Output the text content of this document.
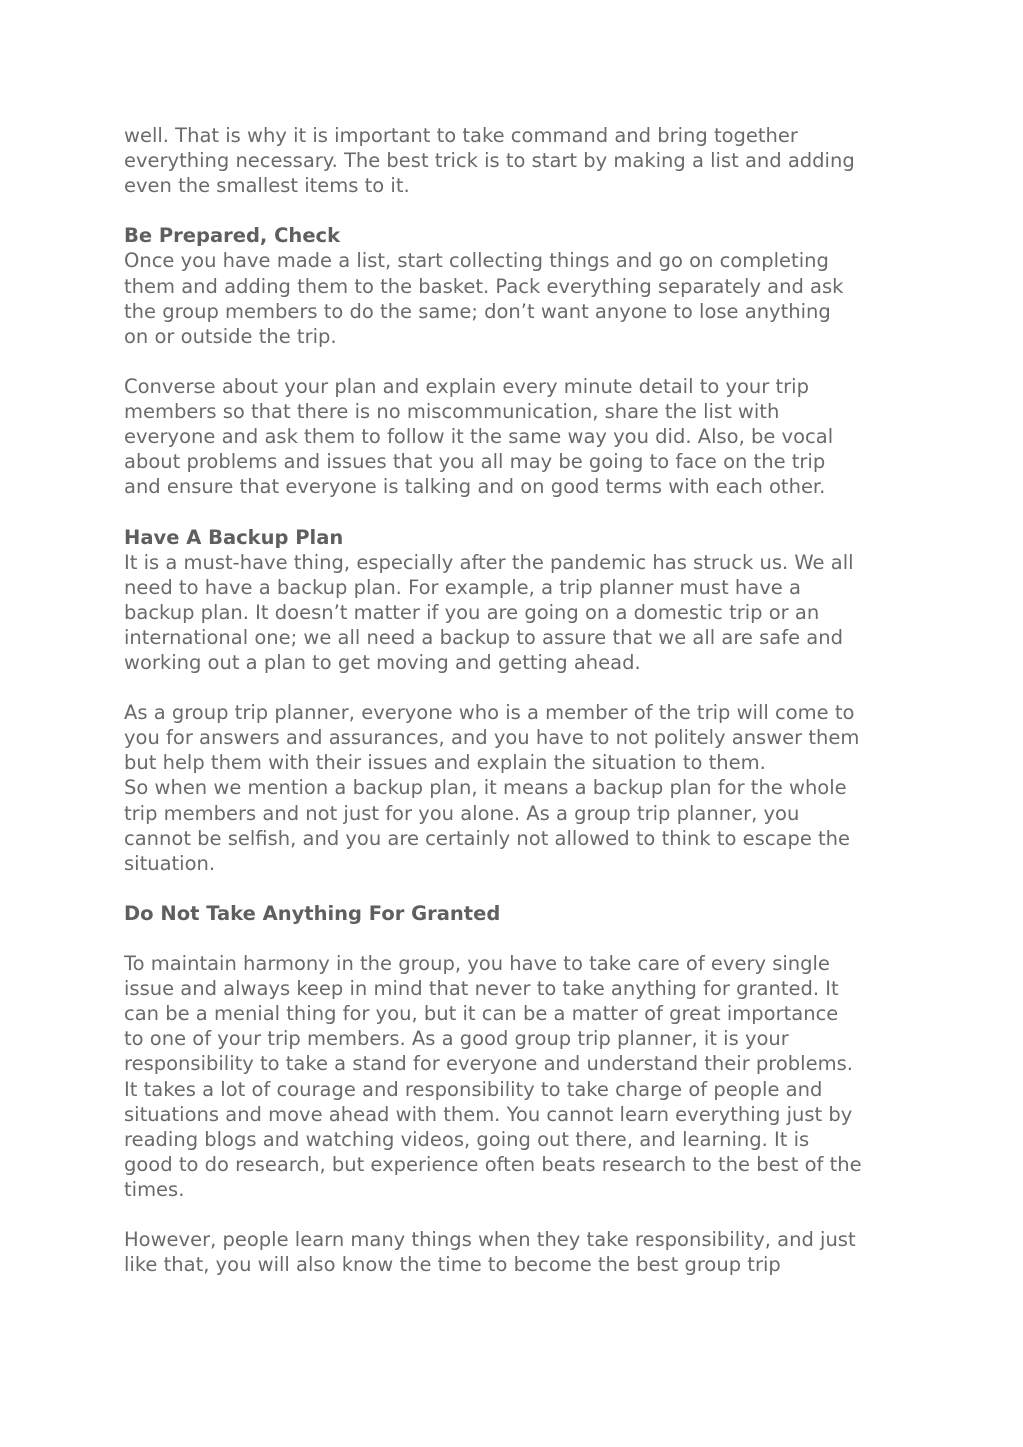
well. That is why it is important to take command and bring together
everything necessary. The best trick is to start by making a list and adding
even the smallest items to it.

Be Prepared, Check

Once you have made a list, start collecting things and go on completing
them and adding them to the basket. Pack everything separately and ask
the group members to do the same; don’t want anyone to lose anything
on or outside the trip.

Converse about your plan and explain every minute detail to your trip
members so that there is no miscommunication, share the list with
everyone and ask them to follow it the same way you did. Also, be vocal
about problems and issues that you all may be going to face on the trip
and ensure that everyone is talking and on good terms with each other.

Have A Backup Plan

It is a must-have thing, especially after the pandemic has struck us. We all
need to have a backup plan. For example, a trip planner must have a
backup plan. It doesn’t matter if you are going on a domestic trip or an
international one; we all need a backup to assure that we all are safe and
working out a plan to get moving and getting ahead.

As a group trip planner, everyone who is a member of the trip will come to
you for answers and assurances, and you have to not politely answer them
but help them with their issues and explain the situation to them.
So when we mention a backup plan, it means a backup plan for the whole
trip members and not just for you alone. As a group trip planner, you
cannot be selfish, and you are certainly not allowed to think to escape the
situation.

Do Not Take Anything For Granted

To maintain harmony in the group, you have to take care of every single
issue and always keep in mind that never to take anything for granted. It
can be a menial thing for you, but it can be a matter of great importance
to one of your trip members. As a good group trip planner, it is your
responsibility to take a stand for everyone and understand their problems.
It takes a lot of courage and responsibility to take charge of people and
situations and move ahead with them. You cannot learn everything just by
reading blogs and watching videos, going out there, and learning. It is
good to do research, but experience often beats research to the best of the
times.

However, people learn many things when they take responsibility, and just
like that, you will also know the time to become the best group trip
